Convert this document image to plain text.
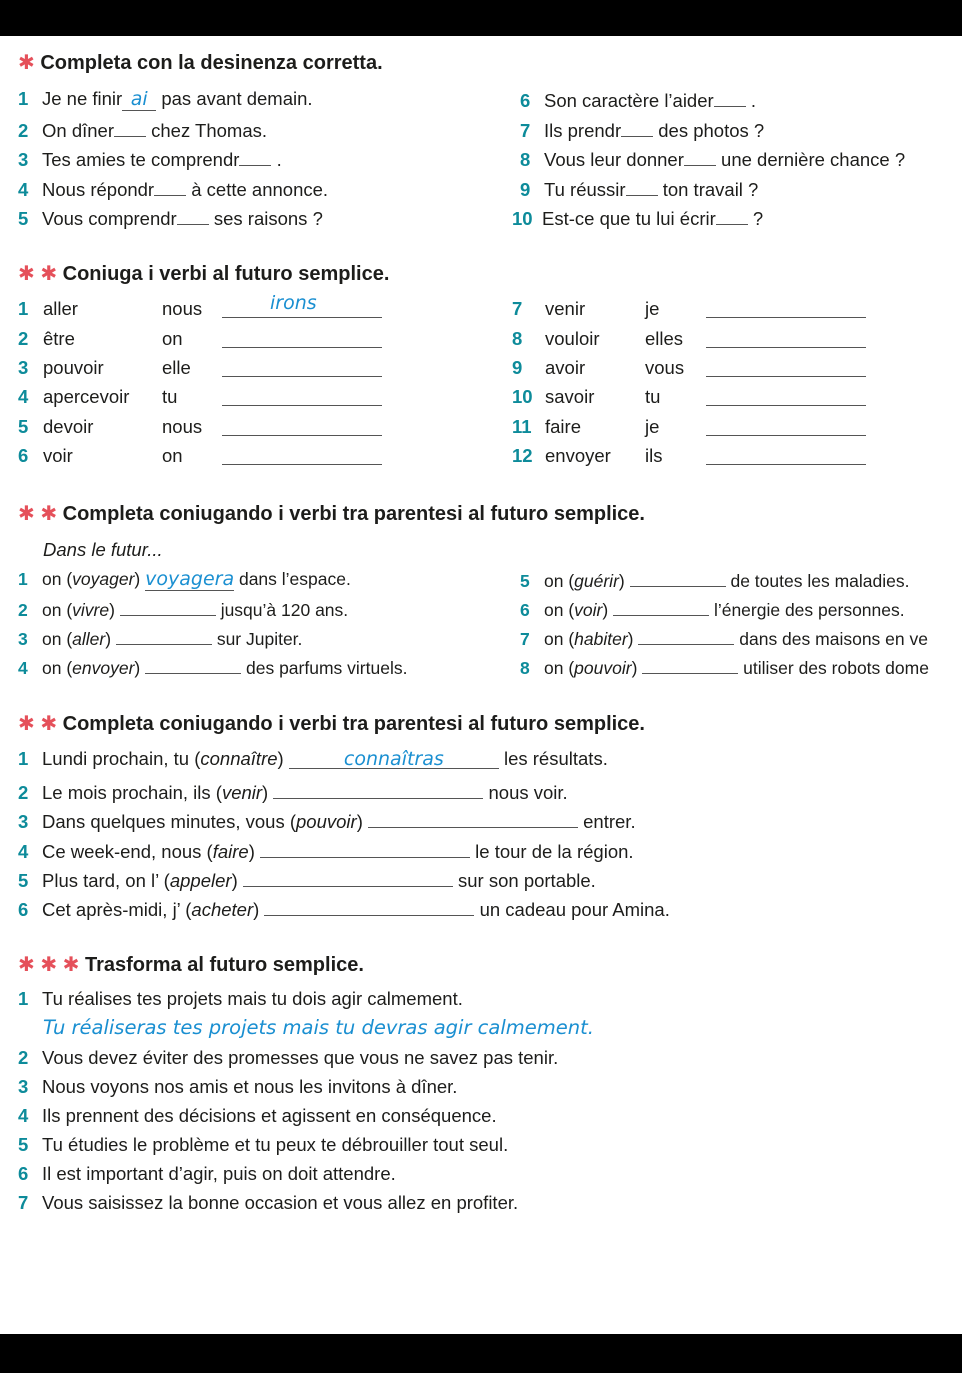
✱ Completa con la desinenza corretta.
1 Je ne finir ai pas avant demain.
2 On dîner chez Thomas.
3 Tes amies te comprendr .
4 Nous répondr à cette annonce.
5 Vous comprendr ses raisons ?
6 Son caractère l’aider .
7 Ils prendr des photos ?
8 Vous leur donner une dernière chance ?
9 Tu réussir ton travail ?
10 Est-ce que tu lui écrir ?
✱ ✱ Coniuga i verbi al futuro semplice.
1 aller	nous	irons
2 être	on
3 pouvoir	elle
4 apercevoir tu
5 devoir	nous
6 voir	on
7	venir	je
8	vouloir elles
9	avoir	vous
10 savoir	tu
11 faire	je
12 envoyer ils
✱ ✱ Completa coniugando i verbi tra parentesi al futuro semplice.
Dans le futur...
1 on (voyager) voyagera dans l’espace.
2 on (vivre)	jusqu’à 120 ans.
3 on (aller)	sur Jupiter.
4 on (envoyer)	des parfums virtuels.
5 on (guérir)	de toutes les maladies.
6 on (voir)	l’énergie des personnes.
7 on (habiter)	dans des maisons en ve
8 on (pouvoir)	utiliser des robots dome
✱ ✱ Completa coniugando i verbi tra parentesi al futuro semplice.
1 Lundi prochain, tu (connaître)	connaîtras	les résultats.
2 Le mois prochain, ils (venir)	nous voir.
3 Dans quelques minutes, vous (pouvoir)	entrer.
4 Ce week-end, nous (faire)	le tour de la région.
5 Plus tard, on l’ (appeler)	sur son portable.
6 Cet après-midi, j’ (acheter)	un cadeau pour Amina.
✱ ✱ ✱ Trasforma al futuro semplice.
1 Tu réalises tes projets mais tu dois agir calmement.
Tu réaliseras tes projets mais tu devras agir calmement.
2 Vous devez éviter des promesses que vous ne savez pas tenir.
3 Nous voyons nos amis et nous les invitons à dîner.
4 Ils prennent des décisions et agissent en conséquence.
5 Tu étudies le problème et tu peux te débrouiller tout seul.
6 Il est important d’agir, puis on doit attendre.
7 Vous saisissez la bonne occasion et vous allez en profiter.
